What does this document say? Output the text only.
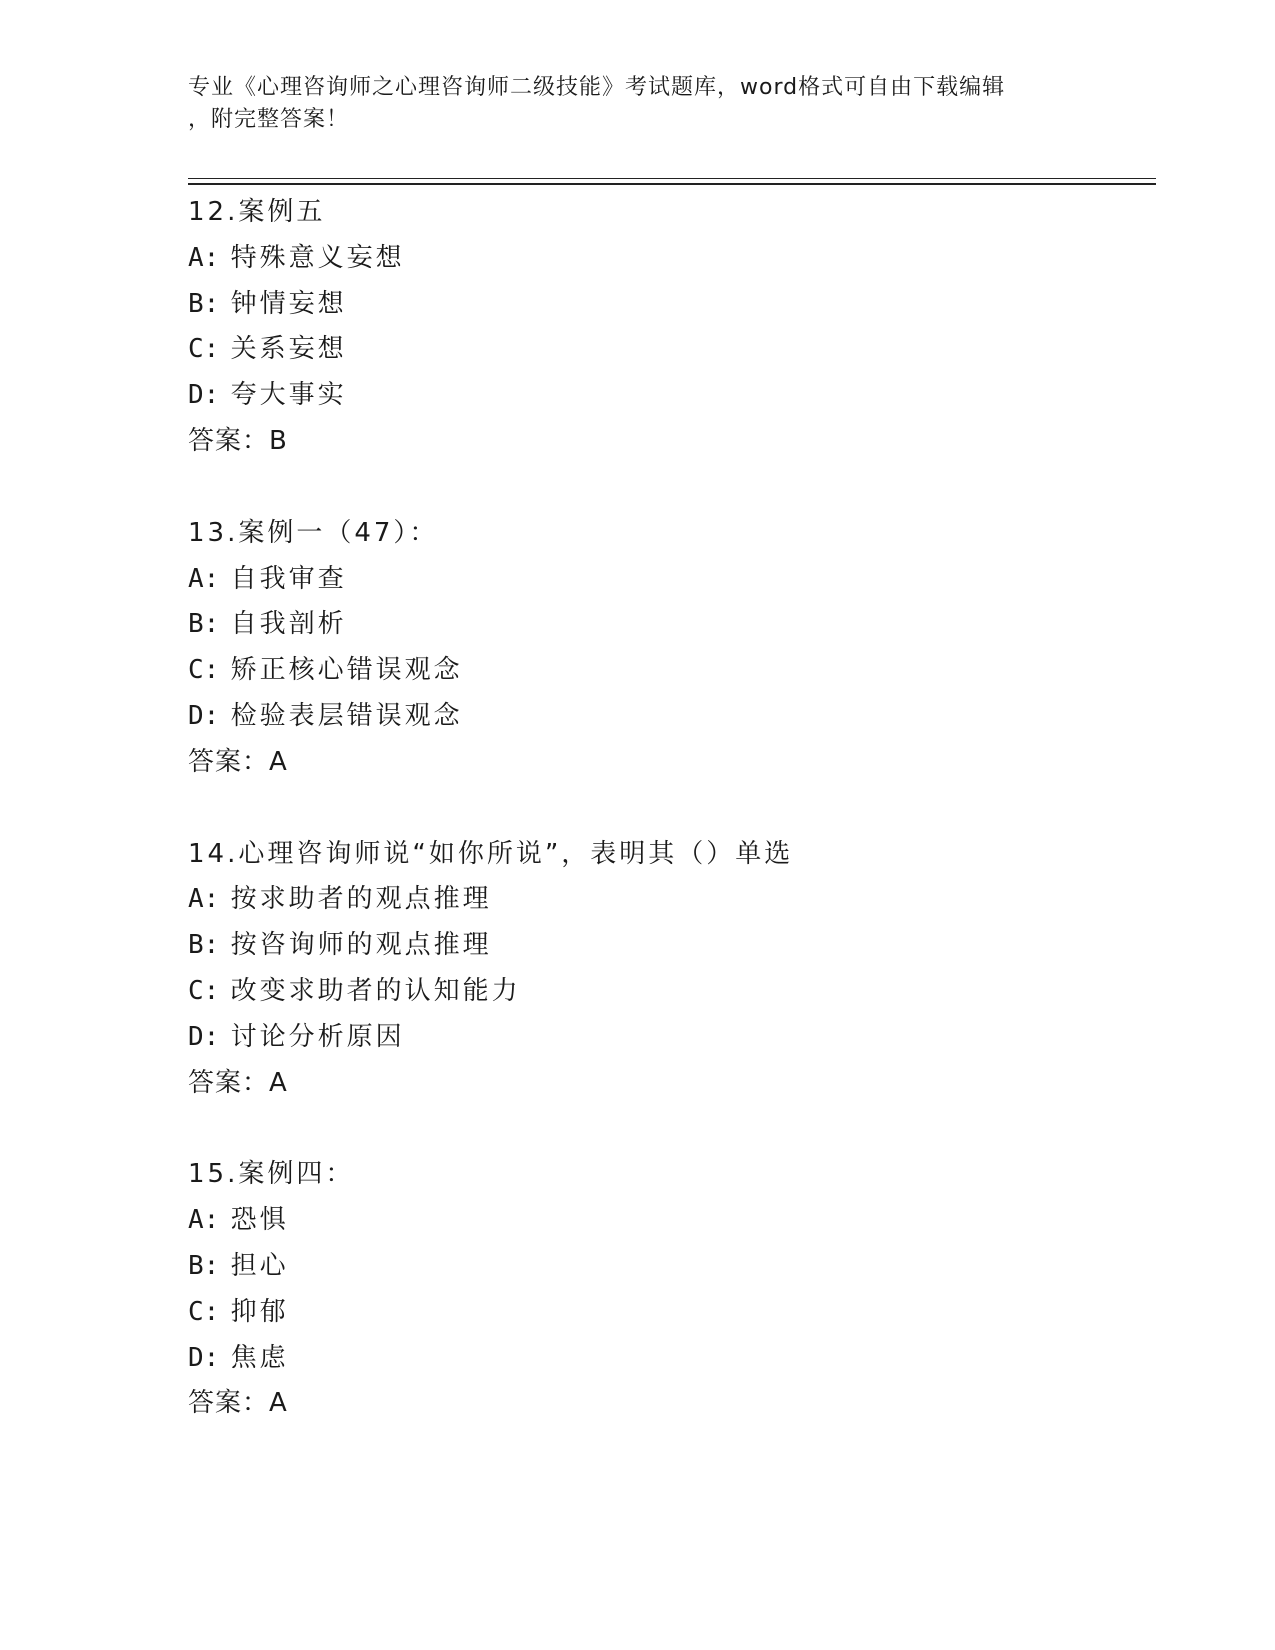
专业《心理咨询师之心理咨询师二级技能》考试题库，word格式可自由下载编辑
，附完整答案！
12.案例五
A: 特殊意义妄想
B: 钟情妄想
C: 关系妄想
D: 夸大事实
答案：B
13.案例一（47）：
A: 自我审查
B: 自我剖析
C: 矫正核心错误观念
D: 检验表层错误观念
答案：A
14.心理咨询师说“如你所说”，表明其（）单选
A: 按求助者的观点推理
B: 按咨询师的观点推理
C: 改变求助者的认知能力
D: 讨论分析原因
答案：A
15.案例四：
A: 恐惧
B: 担心
C: 抑郁
D: 焦虑
答案：A
